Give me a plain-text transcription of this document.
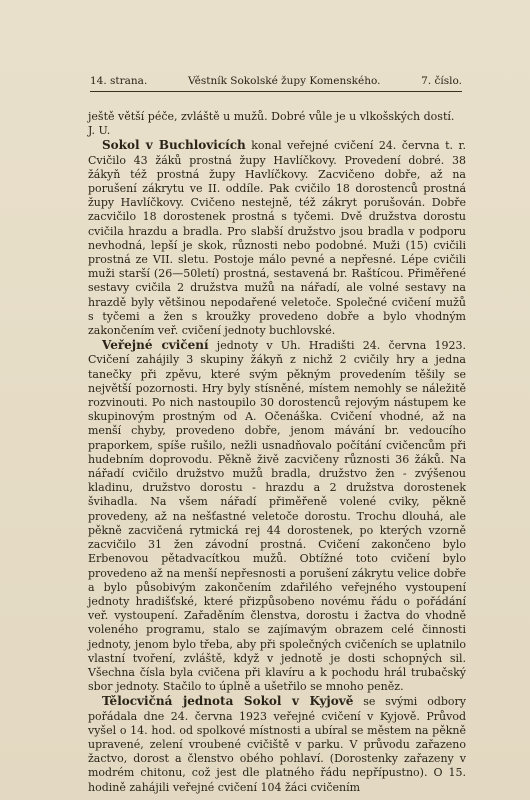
14. strana.	Věstník Sokolské župy Komenského.	7. číslo.

ještě větší péče, zvláště u mužů. Dobré vůle je u vlkošských dostí.

J. U.

Sokol v Buchlovicích konal veřejné cvičení 24. června t. r. Cvičilo 43 žáků prostná župy Havlíčkovy. Provedení dobré. 38 žákyň též prostná župy Havlíčkovy. Zacvičeno dobře, až na porušení zákrytu ve II. oddíle. Pak cvičilo 18 dorostenců prostná župy Havlíčkovy. Cvičeno nestejně, též zákryt porušován. Dobře zacvičilo 18 dorostenek prostná s tyčemi. Dvě družstva dorostu cvičila hrazdu a bradla. Pro slabší družstvo jsou bradla v podporu nevhodná, lepší je skok, různosti nebo podobné. Muži (15) cvičili prostná ze VII. sletu. Postoje málo pevné a nepřesné. Lépe cvičili muži starší (26—50letí) prostná, sestavená br. Raštícou. Přiměřené sestavy cvičila 2 družstva mužů na nářadí, ale volné sestavy na hrazdě byly většinou nepodařené veletoče. Společné cvičení mužů s tyčemi a žen s kroužky provedeno dobře a bylo vhodným zakončením veř. cvičení jednoty buchlovské.

Veřejné cvičení jednoty v Uh. Hradišti 24. června 1923. Cvičení zahájily 3 skupiny žákyň z nichž 2 cvičily hry a jedna tanečky při zpěvu, které svým pěkným provedením těšily se největší pozornosti. Hry byly stísněné, místem nemohly se náležitě rozvinouti. Po nich nastoupilo 30 dorostenců rejovým nástupem ke skupinovým prostným od A. Očenáška. Cvičení vhodné, až na menší chyby, provedeno dobře, jenom mávání br. vedoucího praporkem, spíše rušilo, nežli usnadňovalo počítání cvičencům při hudebním doprovodu. Pěkně živě zacvičeny různosti 36 žáků. Na nářadí cvičilo družstvo mužů bradla, družstvo žen - zvýšenou kladinu, družstvo dorostu - hrazdu a 2 družstva dorostenek švihadla. Na všem nářadí přiměřeně volené cviky, pěkně provedeny, až na nešťastné veletoče dorostu. Trochu dlouhá, ale pěkně zacvičená rytmická rej 44 dorostenek, po kterých vzorně zacvičilo 31 žen závodní prostná. Cvičení zakončeno bylo Erbenovou pětadvacítkou mužů. Obtížné toto cvičení bylo provedeno až na menší nepřesnosti a porušení zákrytu velice dobře a bylo působivým zakončením zdařilého veřejného vystoupení jednoty hradišťské, které přizpůsobeno novému řádu o pořádání veř. vystoupení. Zařaděním členstva, dorostu i žactva do vhodně voleného programu, stalo se zajímavým obrazem celé činnosti jednoty, jenom bylo třeba, aby při společných cvičeních se uplatnilo vlastní tvoření, zvláště, když v jednotě je dosti schopných sil. Všechna čísla byla cvičena při klavíru a k pochodu hrál trubačský sbor jednoty. Stačilo to úplně a ušetřilo se mnoho peněz.

Tělocvičná jednota Sokol v Kyjově se svými odbory pořádala dne 24. června 1923 veřejné cvičení v Kyjově. Průvod vyšel o 14. hod. od spolkové místnosti a ubíral se městem na pěkně upravené, zelení vroubené cvičiště v parku. V průvodu zařazeno žactvo, dorost a členstvo obého pohlaví. (Dorostenky zařazeny v modrém chitonu, což jest dle platného řádu nepřípustno). O 15. hodině zahájili veřejné cvičení 104 žáci cvičením
